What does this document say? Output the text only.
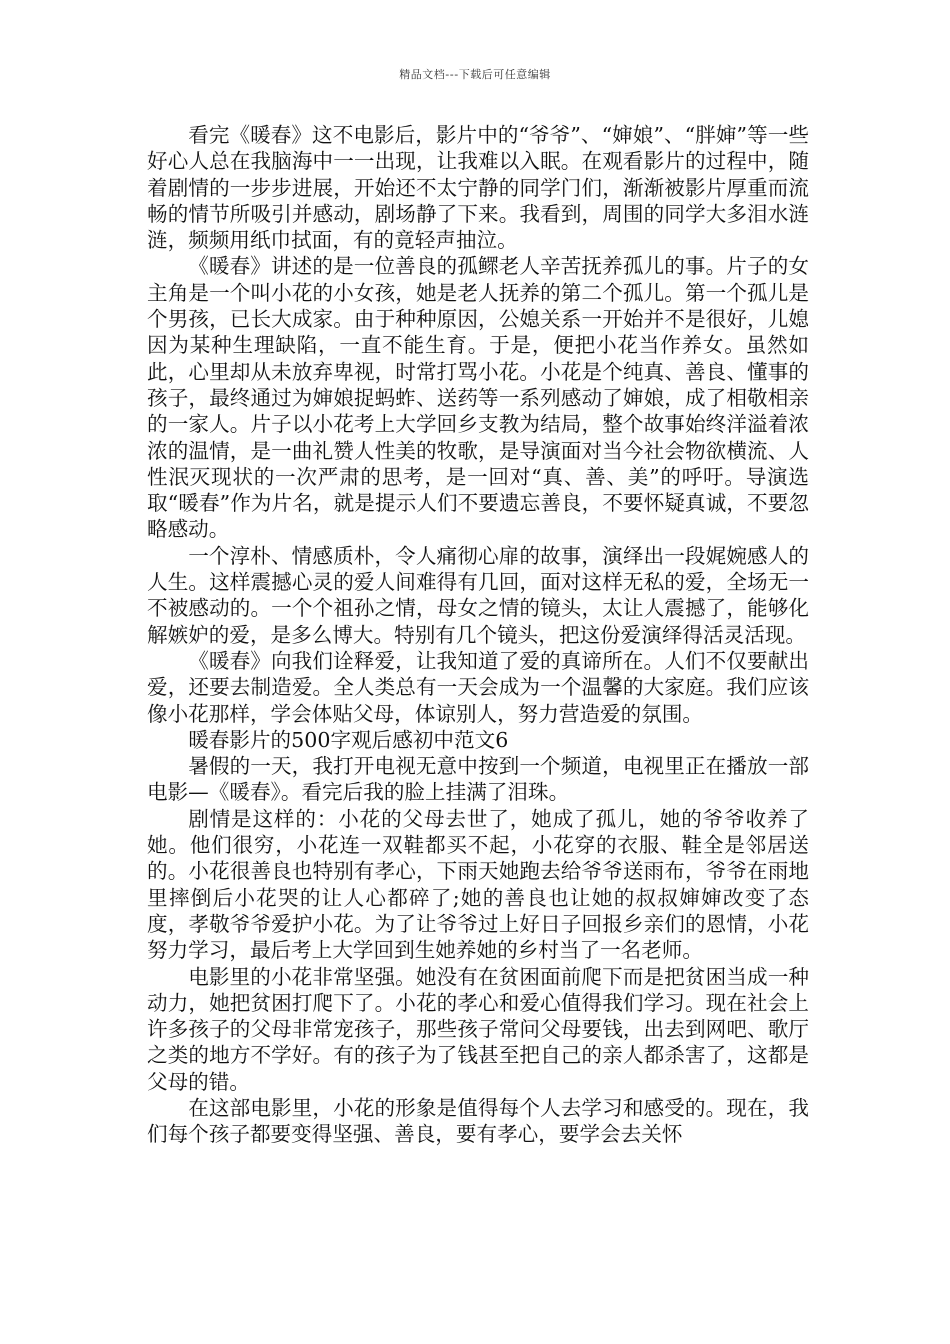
精品文档---下载后可任意编辑

看完《暖春》这不电影后，影片中的“爷爷”、“婶娘”、“胖婶”等一些好心人总在我脑海中一一出现，让我难以入眠。在观看影片的过程中，随着剧情的一步步进展，开始还不太宁静的同学门们，渐渐被影片厚重而流畅的情节所吸引并感动，剧场静了下来。我看到，周围的同学大多泪水涟涟，频频用纸巾拭面，有的竟轻声抽泣。

《暖春》讲述的是一位善良的孤鳏老人辛苦抚养孤儿的事。片子的女主角是一个叫小花的小女孩，她是老人抚养的第二个孤儿。第一个孤儿是个男孩，已长大成家。由于种种原因，公媳关系一开始并不是很好，儿媳因为某种生理缺陷，一直不能生育。于是，便把小花当作养女。虽然如此，心里却从未放弃卑视，时常打骂小花。小花是个纯真、善良、懂事的孩子，最终通过为婶娘捉蚂蚱、送药等一系列感动了婶娘，成了相敬相亲的一家人。片子以小花考上大学回乡支教为结局，整个故事始终洋溢着浓浓的温情，是一曲礼赞人性美的牧歌，是导演面对当今社会物欲横流、人性泯灭现状的一次严肃的思考，是一回对“真、善、美”的呼吁。导演选取“暖春”作为片名，就是提示人们不要遗忘善良，不要怀疑真诚，不要忽略感动。

一个淳朴、情感质朴，令人痛彻心扉的故事，演绎出一段娓婉感人的人生。这样震撼心灵的爱人间难得有几回，面对这样无私的爱，全场无一不被感动的。一个个祖孙之情，母女之情的镜头，太让人震撼了，能够化解嫉妒的爱，是多么博大。特别有几个镜头，把这份爱演绎得活灵活现。

《暖春》向我们诠释爱，让我知道了爱的真谛所在。人们不仅要献出爱，还要去制造爱。全人类总有一天会成为一个温馨的大家庭。我们应该像小花那样，学会体贴父母，体谅别人，努力营造爱的氛围。

暖春影片的500字观后感初中范文6

暑假的一天，我打开电视无意中按到一个频道，电视里正在播放一部电影—《暖春》。看完后我的脸上挂满了泪珠。

剧情是这样的：小花的父母去世了，她成了孤儿，她的爷爷收养了她。他们很穷，小花连一双鞋都买不起，小花穿的衣服、鞋全是邻居送的。小花很善良也特别有孝心，下雨天她跑去给爷爷送雨布，爷爷在雨地里摔倒后小花哭的让人心都碎了;她的善良也让她的叔叔婶婶改变了态度，孝敬爷爷爱护小花。为了让爷爷过上好日子回报乡亲们的恩情，小花努力学习，最后考上大学回到生她养她的乡村当了一名老师。

电影里的小花非常坚强。她没有在贫困面前爬下而是把贫困当成一种动力，她把贫困打爬下了。小花的孝心和爱心值得我们学习。现在社会上许多孩子的父母非常宠孩子，那些孩子常问父母要钱，出去到网吧、歌厅之类的地方不学好。有的孩子为了钱甚至把自己的亲人都杀害了，这都是父母的错。

在这部电影里，小花的形象是值得每个人去学习和感受的。现在，我们每个孩子都要变得坚强、善良，要有孝心，要学会去关怀
